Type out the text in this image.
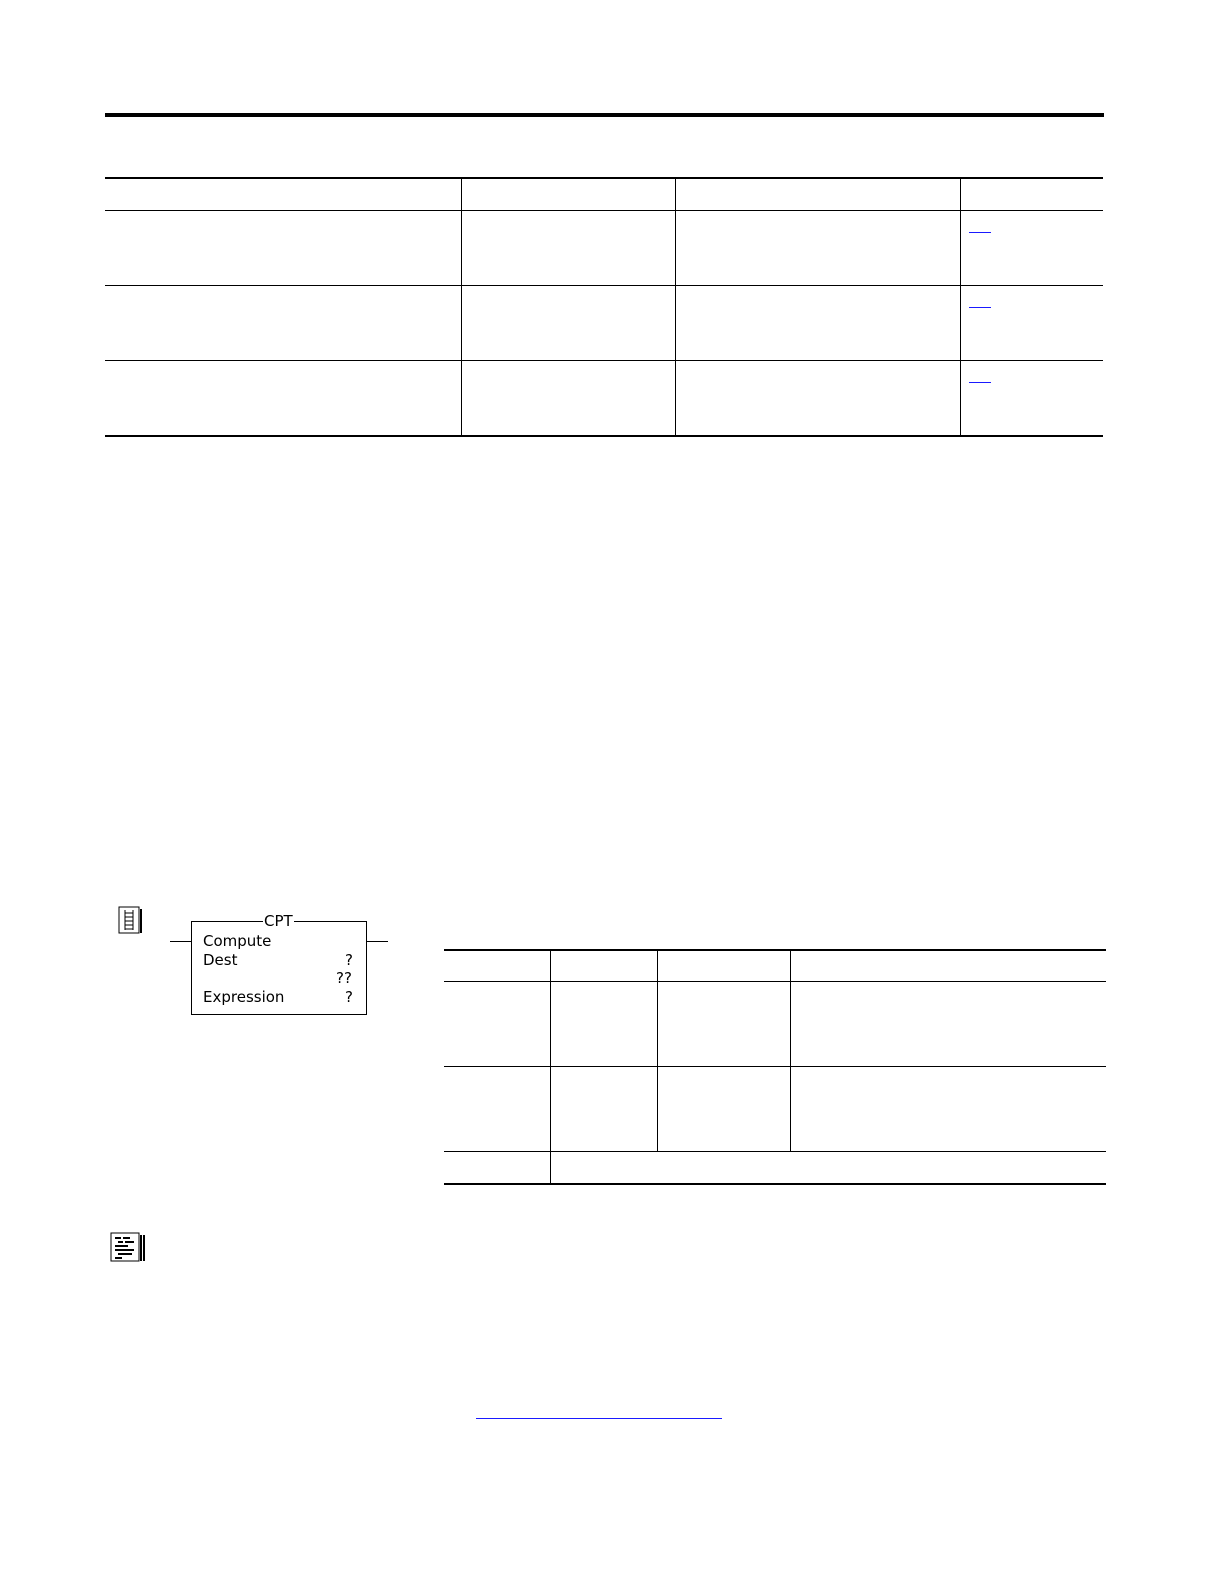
CPT
Compute
Dest	?
??
Expression	?
